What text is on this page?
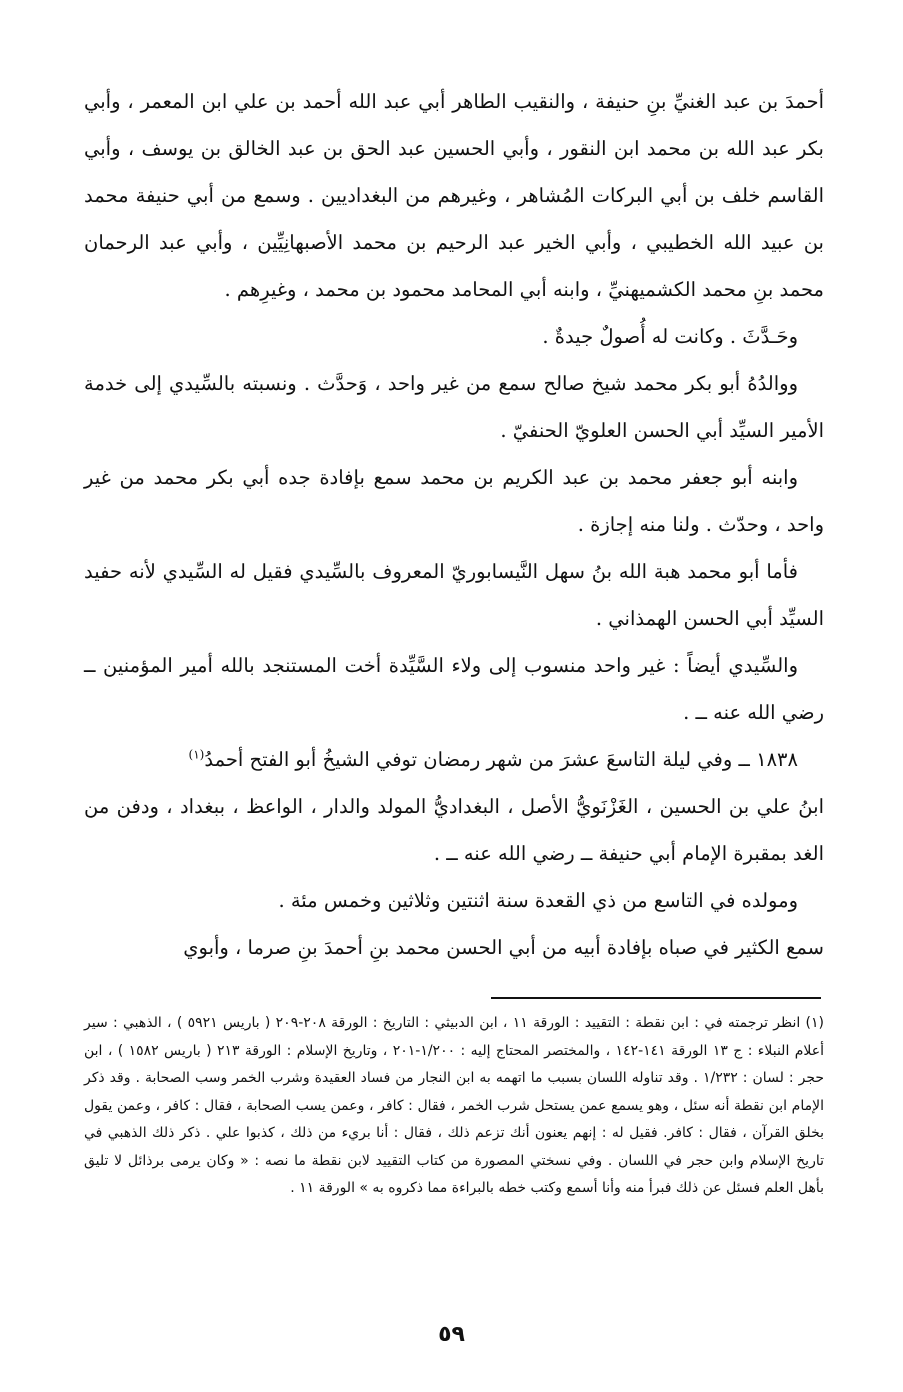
أحمدَ بن عبد الغنيِّ بنِ حنيفة ، والنقيب الطاهر أبي عبد الله أحمد بن علي ابن المعمر ، وأبي بكر عبد الله بن محمد ابن النقور ، وأبي الحسين عبد الحق بن عبد الخالق بن يوسف ، وأبي القاسم خلف بن أبي البركات المُشاهر ، وغيرهم من البغداديين . وسمع من أبي حنيفة محمد بن عبيد الله الخطيبي ، وأبي الخير عبد الرحيم بن محمد الأصبهانِيِّين ، وأبي عبد الرحمان محمد بنِ محمد الكشميهنيِّ ، وابنه أبي المحامد محمود بن محمد ، وغيرِهم .

وحَـدَّثَ . وكانت له أُصولٌ جيدةٌ .

ووالدُهُ أبو بكر محمد شيخ صالح سمع من غير واحد ، وَحدَّث . ونسبته بالسِّيدي إلى خدمة الأمير السيِّد أبي الحسن العلويّ الحنفيّ .

وابنه أبو جعفر محمد بن عبد الكريم بن محمد سمع بإفادة جده أبي بكر محمد من غير واحد ، وحدّث . ولنا منه إجازة .

فأما أبو محمد هبة الله بنُ سهل النَّيسابوريّ المعروف بالسِّيدي فقيل له السِّيدي لأنه حفيد السيِّد أبي الحسن الهمذاني .

والسِّيدي أيضاً : غير واحد منسوب إلى ولاء السَّيِّدة أخت المستنجد بالله أمير المؤمنين ــ رضي الله عنه ــ .

١٨٣٨ ــ وفي ليلة التاسعَ عشرَ من شهر رمضان توفي الشيخُ أبو الفتح أحمدُ$^{(١)}$

ابنُ علي بن الحسين ، الغَزْنَويُّ الأصل ، البغداديُّ المولد والدار ، الواعظ ، ببغداد ، ودفن من الغد بمقبرة الإمام أبي حنيفة ــ رضي الله عنه ــ .

ومولده في التاسع من ذي القعدة سنة اثنتين وثلاثين وخمس مئة .

سمع الكثير في صباه بإفادة أبيه من أبي الحسن محمد بنِ أحمدَ بنِ صرما ، وأبوي

(١) انظر ترجمته في : ابن نقطة : التقييد : الورقة ١١ ، ابن الدبيثي : التاريخ : الورقة ٢٠٨-٢٠٩ ( باريس ٥٩٢١ ) ، الذهبي : سير أعلام النبلاء : ج ١٣ الورقة ١٤١-١٤٢ ، والمختصر المحتاج إليه : ١/٢٠٠-٢٠١ ، وتاريخ الإسلام : الورقة ٢١٣ ( باريس ١٥٨٢ ) ، ابن حجر : لسان : ١/٢٣٢ . وقد تناوله اللسان بسبب ما اتهمه به ابن النجار من فساد العقيدة وشرب الخمر وسب الصحابة . وقد ذكر الإمام ابن نقطة أنه سئل ، وهو يسمع عمن يستحل شرب الخمر ، فقال : كافر ، وعمن يسب الصحابة ، فقال : كافر ، وعمن يقول بخلق القرآن ، فقال : كافر. فقيل له : إنهم يعنون أنك تزعم ذلك ، فقال : أنا بريء من ذلك ، كذبوا علي . ذكر ذلك الذهبي في تاريخ الإسلام وابن حجر في اللسان . وفي نسختي المصورة من كتاب التقييد لابن نقطة ما نصه : « وكان يرمى برذائل لا تليق بأهل العلم فسئل عن ذلك فبرأ منه وأنا أسمع وكتب خطه بالبراءة مما ذكروه به » الورقة ١١ .

٥٩
